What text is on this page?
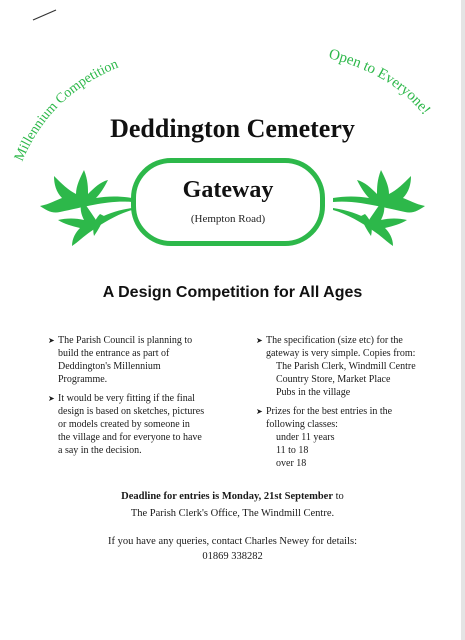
Millennium Competition
Open to Everyone!
Deddington Cemetery
Gateway
(Hempton Road)
A Design Competition for All Ages
➤ The Parish Council is planning to
build the entrance as part of
Deddington's Millennium
Programme.
➤ It would be very fitting if the final
design is based on sketches, pictures
or models created by someone in
the village and for everyone to have
a say in the decision.
➤ The specification (size etc) for the
gateway is very simple. Copies from:
The Parish Clerk, Windmill Centre
Country Store, Market Place
Pubs in the village
➤ Prizes for the best entries in the
following classes:
under 11 years
11 to 18
over 18
Deadline for entries is Monday, 21st September to
The Parish Clerk's Office, The Windmill Centre.
If you have any queries, contact Charles Newey for details:
01869 338282
